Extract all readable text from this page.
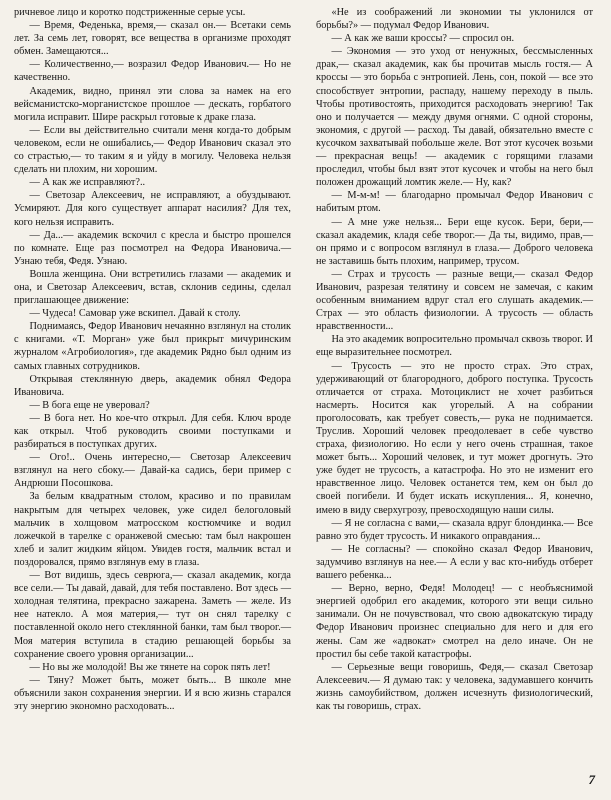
ричневое лицо и коротко подстриженные серые усы.

— Время, Феденька, время,— сказал он.— Всетаки семь лет. За семь лет, говорят, все вещества в организме проходят обмен. Замещаются...

— Количественно,— возразил Федор Иванович.— Но не качественно.

Академик, видно, принял эти слова за намек на его вейсманистско-морганистское прошлое — дескать, горбатого могила исправит. Шире раскрыл готовые к драке глаза.

— Если вы действительно считали меня когда-то добрым человеком, если не ошибались,— Федор Иванович сказал это со страстью,— то таким я и уйду в могилу. Человека нельзя сделать ни плохим, ни хорошим.

— А как же исправляют?..

— Светозар Алексеевич, не исправляют, а обуздывают. Усмиряют. Для кого существует аппарат насилия? Для тех, кого нельзя исправить.

— Да...— академик вскочил с кресла и быстро прошелся по комнате. Еще раз посмотрел на Федора Ивановича.— Узнаю тебя, Федя. Узнаю.

Вошла женщина. Они встретились глазами — академик и она, и Светозар Алексеевич, встав, склонив седины, сделал приглашающее движение:

— Чудеса! Самовар уже вскипел. Давай к столу.

Поднимаясь, Федор Иванович нечаянно взглянул на столик с книгами. «Т. Морган» уже был прикрыт мичуринским журналом «Агробиология», где академик Рядно был одним из самых главных сотрудников.

Открывая стеклянную дверь, академик обнял Федора Ивановича.

— В бога еще не уверовал?

— В бога нет. Но кое-что открыл. Для себя. Ключ вроде как открыл. Чтоб руководить своими поступками и разбираться в поступках других.

— Ого!.. Очень интересно,— Светозар Алексеевич взглянул на него сбоку.— Давай-ка садись, бери пример с Андрюши Посошкова.

За белым квадратным столом, красиво и по правилам накрытым для четырех человек, уже сидел белоголовый мальчик в холщовом матросском костюмчике и водил ложечкой в тарелке с оранжевой смесью: там был накрошен хлеб и залит жидким яйцом. Увидев гостя, мальчик встал и поздоровался, прямо взглянув ему в глаза.

— Вот видишь, здесь севрюга,— сказал академик, когда все сели.— Ты давай, давай, для тебя поставлено. Вот здесь — холодная телятина, прекрасно зажарена. Заметь — желе. Из нее натекло. А моя материя,— тут он снял тарелку с поставленной около него стеклянной банки, там был творог.— Моя материя вступила в стадию решающей борьбы за сохранение своего уровня организации...

— Но вы же молодой! Вы же тянете на сорок пять лет!

— Тяну? Может быть, может быть... В школе мне объяснили закон сохранения энергии. И я всю жизнь старался эту энергию экономно расходовать...

«Не из соображений ли экономии ты уклонился от борьбы?» — подумал Федор Иванович.

— А как же ваши кроссы? — спросил он.

— Экономия — это уход от ненужных, бессмысленных драк,— сказал академик, как бы прочитав мысль гостя.— А кроссы — это борьба с энтропией. Лень, сон, покой — все это способствует энтропии, распаду, нашему переходу в пыль. Чтобы противостоять, приходится расходовать энергию! Так оно и получается — между двумя огнями. С одной стороны, экономия, с другой — расход. Ты давай, обязательно вместе с кусочком захватывай побольше желе. Вот этот кусочек возьми — прекрасная вещь! — академик с горящими глазами проследил, чтобы был взят этот кусочек и чтобы на него был положен дрожащий ломтик желе.— Ну, как?

— М-м-м! — благодарно промычал Федор Иванович с набитым ртом.

— А мне уже нельзя... Бери еще кусок. Бери, бери,— сказал академик, кладя себе творог.— Да ты, видимо, прав,— он прямо и с вопросом взглянул в глаза.— Доброго человека не заставишь быть плохим, например, трусом.

— Страх и трусость — разные вещи,— сказал Федор Иванович, разрезая телятину и совсем не замечая, с каким особенным вниманием вдруг стал его слушать академик.— Страх — это область физиологии. А трусость — область нравственности...

На это академик вопросительно промычал сквозь творог. И еще выразительнее посмотрел.

— Трусость — это не просто страх. Это страх, удерживающий от благородного, доброго поступка. Трусость отличается от страха. Мотоциклист не хочет разбиться насмерть. Носится как угорелый. А на собрании проголосовать, как требует совесть,— рука не поднимается. Труслив. Хороший человек преодолевает в себе чувство страха, физиологию. Но если у него очень страшная, такое может быть... Хороший человек, и тут может дрогнуть. Это уже будет не трусость, а катастрофа. Но это не изменит его нравственное лицо. Человек останется тем, кем он был до своей погибели. И будет искать искупления... Я, конечно, имею в виду сверхугрозу, превосходящую наши силы.

— Я не согласна с вами,— сказала вдруг блондинка.— Все равно это будет трусость. И никакого оправдания...

— Не согласны? — спокойно сказал Федор Иванович, задумчиво взглянув на нее.— А если у вас кто-нибудь отберет вашего ребенка...

— Верно, верно, Федя! Молодец! — с необъяснимой энергией одобрил его академик, которого эти вещи сильно занимали. Он не почувствовал, что свою адвокатскую тираду Федор Иванович произнес специально для него и для его жены. Сам же «адвокат» смотрел на дело иначе. Он не простил бы себе такой катастрофы.

— Серьезные вещи говоришь, Федя,— сказал Светозар Алексеевич.— Я думаю так: у человека, задумавшего кончить жизнь самоубийством, должен исчезнуть физиологический, как ты говоришь, страх.

7
